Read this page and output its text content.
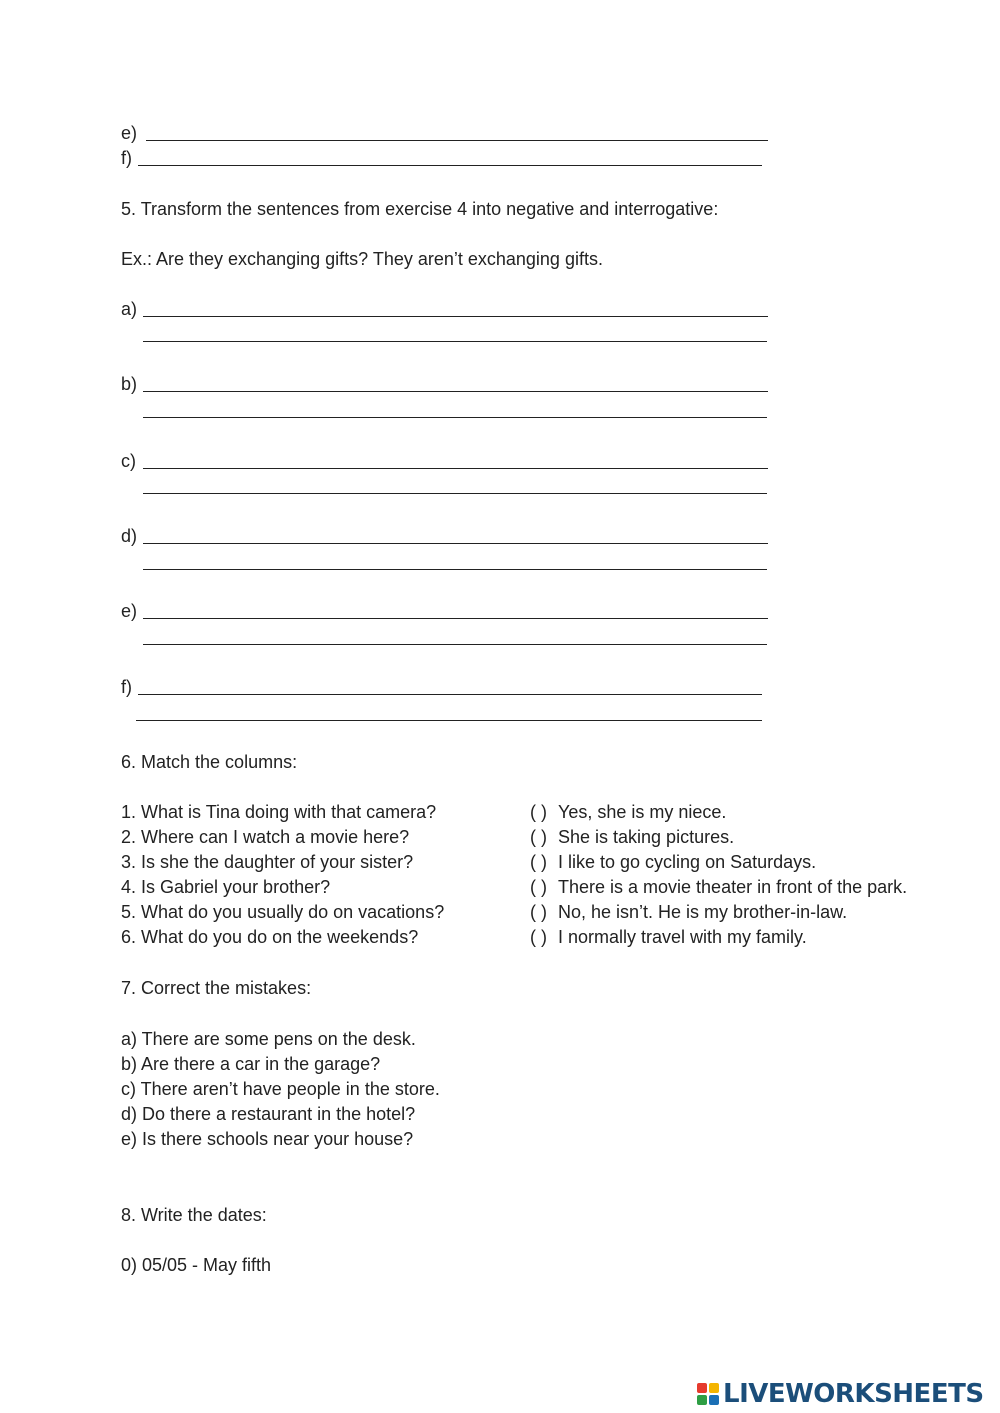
e)
f)
5. Transform the sentences from exercise 4 into negative and interrogative:
Ex.: Are they exchanging gifts? They aren’t exchanging gifts.
a)
b)
c)
d)
e)
f)
6. Match the columns:
1. What is Tina doing with that camera?
2. Where can I watch a movie here?
3. Is she the daughter of your sister?
4. Is Gabriel your brother?
5. What do you usually do on vacations?
6. What do you do on the weekends?
( ) Yes, she is my niece.
( ) She is taking pictures.
( ) I like to go cycling on Saturdays.
( ) There is a movie theater in front of the park.
( ) No, he isn’t. He is my brother-in-law.
( ) I normally travel with my family.
7. Correct the mistakes:
a) There are some pens on the desk.
b) Are there a car in the garage?
c) There aren’t have people in the store.
d) Do there a restaurant in the hotel?
e) Is there schools near your house?
8. Write the dates:
0) 05/05 - May fifth
LIVEWORKSHEETS
